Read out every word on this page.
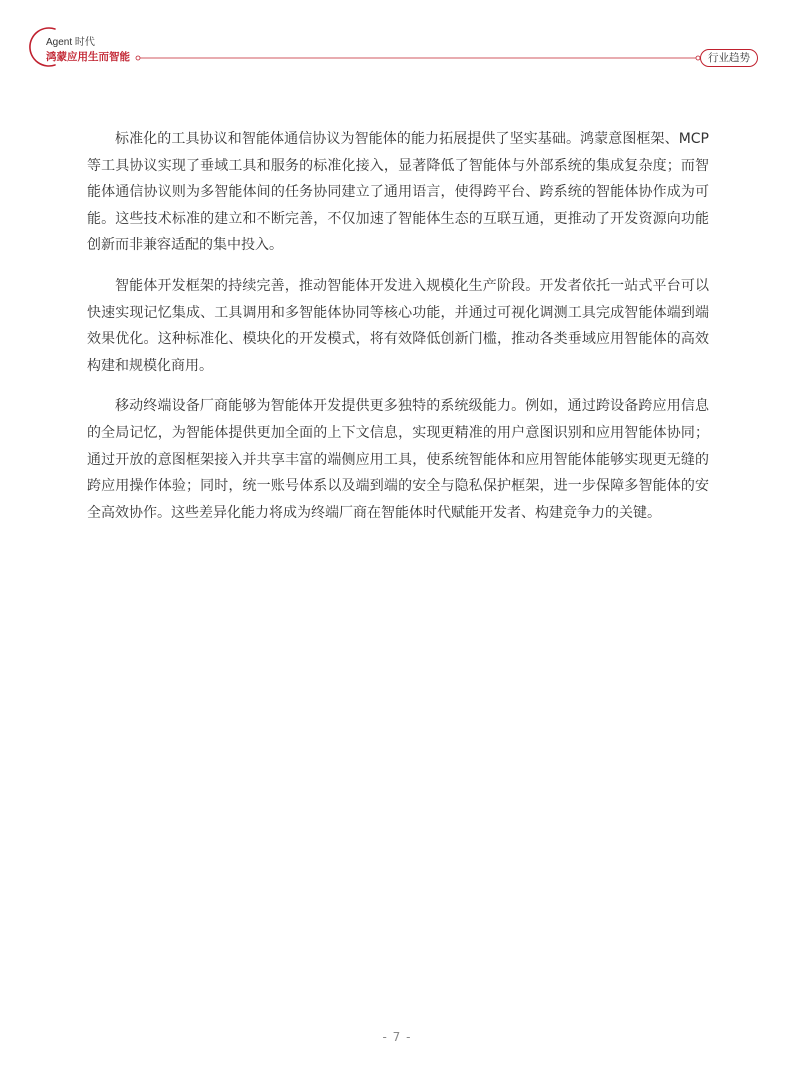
Agent 时代
鸿蒙应用生而智能	行业趋势

标准化的工具协议和智能体通信协议为智能体的能力拓展提供了坚实基础。鸿蒙意图框架、MCP 等工具协议实现了垂域工具和服务的标准化接入，显著降低了智能体与外部系统的集成复杂度；而智能体通信协议则为多智能体间的任务协同建立了通用语言，使得跨平台、跨系统的智能体协作成为可能。这些技术标准的建立和不断完善，不仅加速了智能体生态的互联互通，更推动了开发资源向功能创新而非兼容适配的集中投入。

智能体开发框架的持续完善，推动智能体开发进入规模化生产阶段。开发者依托一站式平台可以快速实现记忆集成、工具调用和多智能体协同等核心功能，并通过可视化调测工具完成智能体端到端效果优化。这种标准化、模块化的开发模式，将有效降低创新门槛，推动各类垂域应用智能体的高效构建和规模化商用。

移动终端设备厂商能够为智能体开发提供更多独特的系统级能力。例如，通过跨设备跨应用信息的全局记忆，为智能体提供更加全面的上下文信息，实现更精准的用户意图识别和应用智能体协同；通过开放的意图框架接入并共享丰富的端侧应用工具，使系统智能体和应用智能体能够实现更无缝的跨应用操作体验；同时，统一账号体系以及端到端的安全与隐私保护框架，进一步保障多智能体的安全高效协作。这些差异化能力将成为终端厂商在智能体时代赋能开发者、构建竞争力的关键。

- 7 -
